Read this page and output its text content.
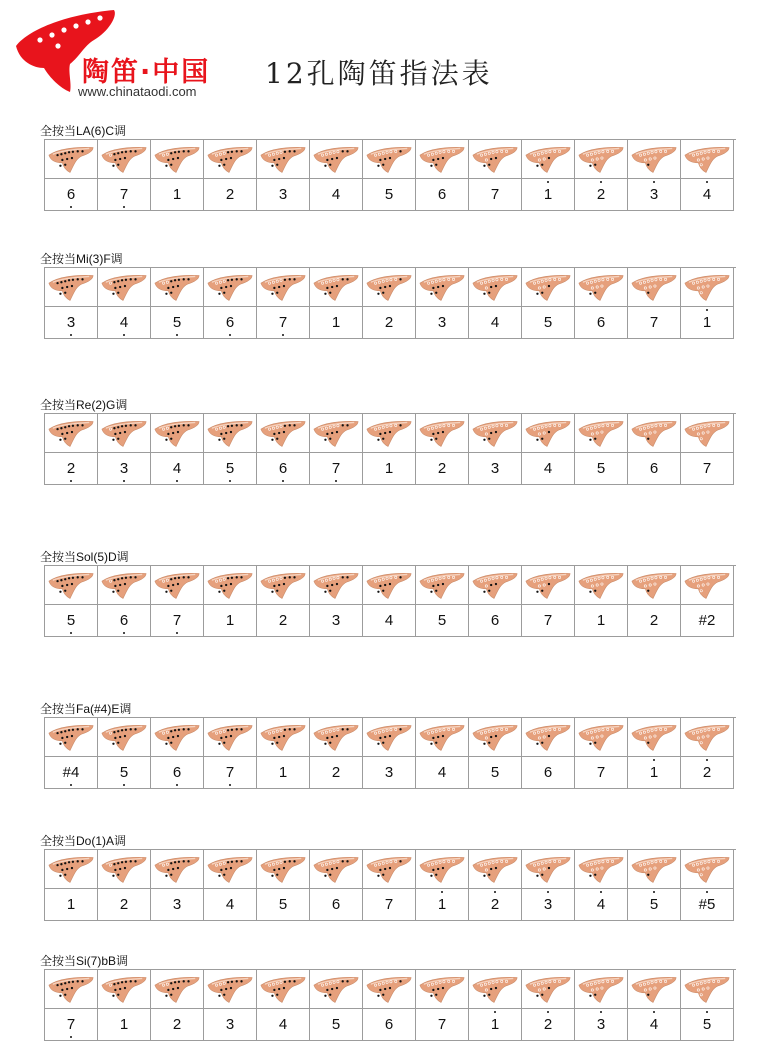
陶笛·中国
www.chinataodi.com
12孔陶笛指法表
全按当LA(6)C调
6	7	1	2	3	4	5	6	7	1	2	3	4
全按当Mi(3)F调
3	4	5	6	7	1	2	3	4	5	6	7	1
全按当Re(2)G调
2	3	4	5	6	7	1	2	3	4	5	6	7
全按当Sol(5)D调
5	6	7	1	2	3	4	5	6	7	1	2	#2
全按当Fa(#4)E调
#4	5	6	7	1	2	3	4	5	6	7	1	2
全按当Do(1)A调
1	2	3	4	5	6	7	1	2	3	4	5	#5
全按当Si(7)bB调
7	1	2	3	4	5	6	7	1	2	3	4	5
